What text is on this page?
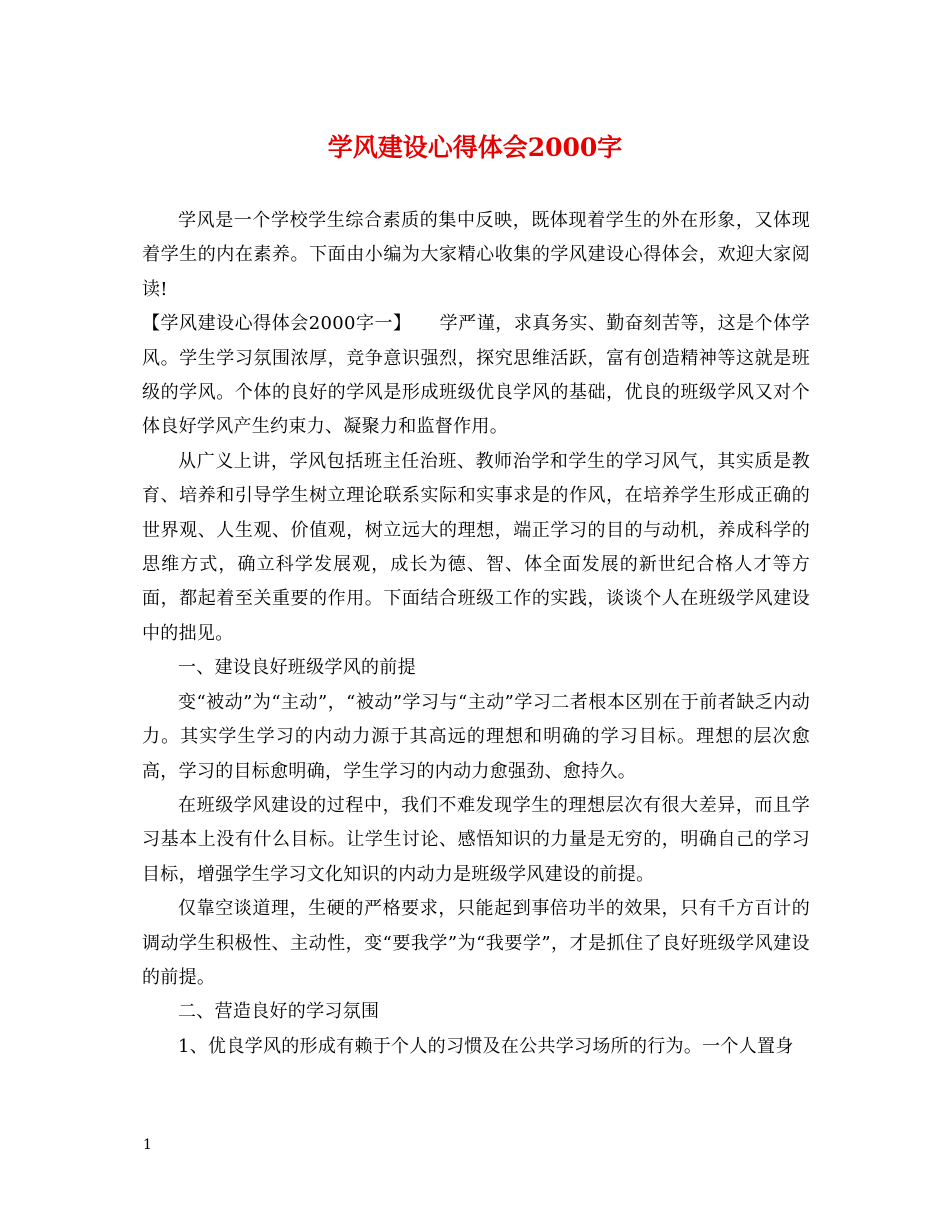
学风建设心得体会2000字

学风是一个学校学生综合素质的集中反映，既体现着学生的外在形象，又体现着学生的内在素养。下面由小编为大家精心收集的学风建设心得体会，欢迎大家阅读!

【学风建设心得体会2000字一】　　学严谨，求真务实、勤奋刻苦等，这是个体学风。学生学习氛围浓厚，竞争意识强烈，探究思维活跃，富有创造精神等这就是班级的学风。个体的良好的学风是形成班级优良学风的基础，优良的班级学风又对个体良好学风产生约束力、凝聚力和监督作用。

从广义上讲，学风包括班主任治班、教师治学和学生的学习风气，其实质是教育、培养和引导学生树立理论联系实际和实事求是的作风，在培养学生形成正确的世界观、人生观、价值观，树立远大的理想，端正学习的目的与动机，养成科学的思维方式，确立科学发展观，成长为德、智、体全面发展的新世纪合格人才等方面，都起着至关重要的作用。下面结合班级工作的实践，谈谈个人在班级学风建设中的拙见。

一、建设良好班级学风的前提

变“被动”为“主动”，“被动”学习与“主动”学习二者根本区别在于前者缺乏内动力。其实学生学习的内动力源于其高远的理想和明确的学习目标。理想的层次愈高，学习的目标愈明确，学生学习的内动力愈强劲、愈持久。

在班级学风建设的过程中，我们不难发现学生的理想层次有很大差异，而且学习基本上没有什么目标。让学生讨论、感悟知识的力量是无穷的，明确自己的学习目标，增强学生学习文化知识的内动力是班级学风建设的前提。

仅靠空谈道理，生硬的严格要求，只能起到事倍功半的效果，只有千方百计的调动学生积极性、主动性，变“要我学”为“我要学”，才是抓住了良好班级学风建设的前提。

二、营造良好的学习氛围

1、优良学风的形成有赖于个人的习惯及在公共学习场所的行为。一个人置身

1
